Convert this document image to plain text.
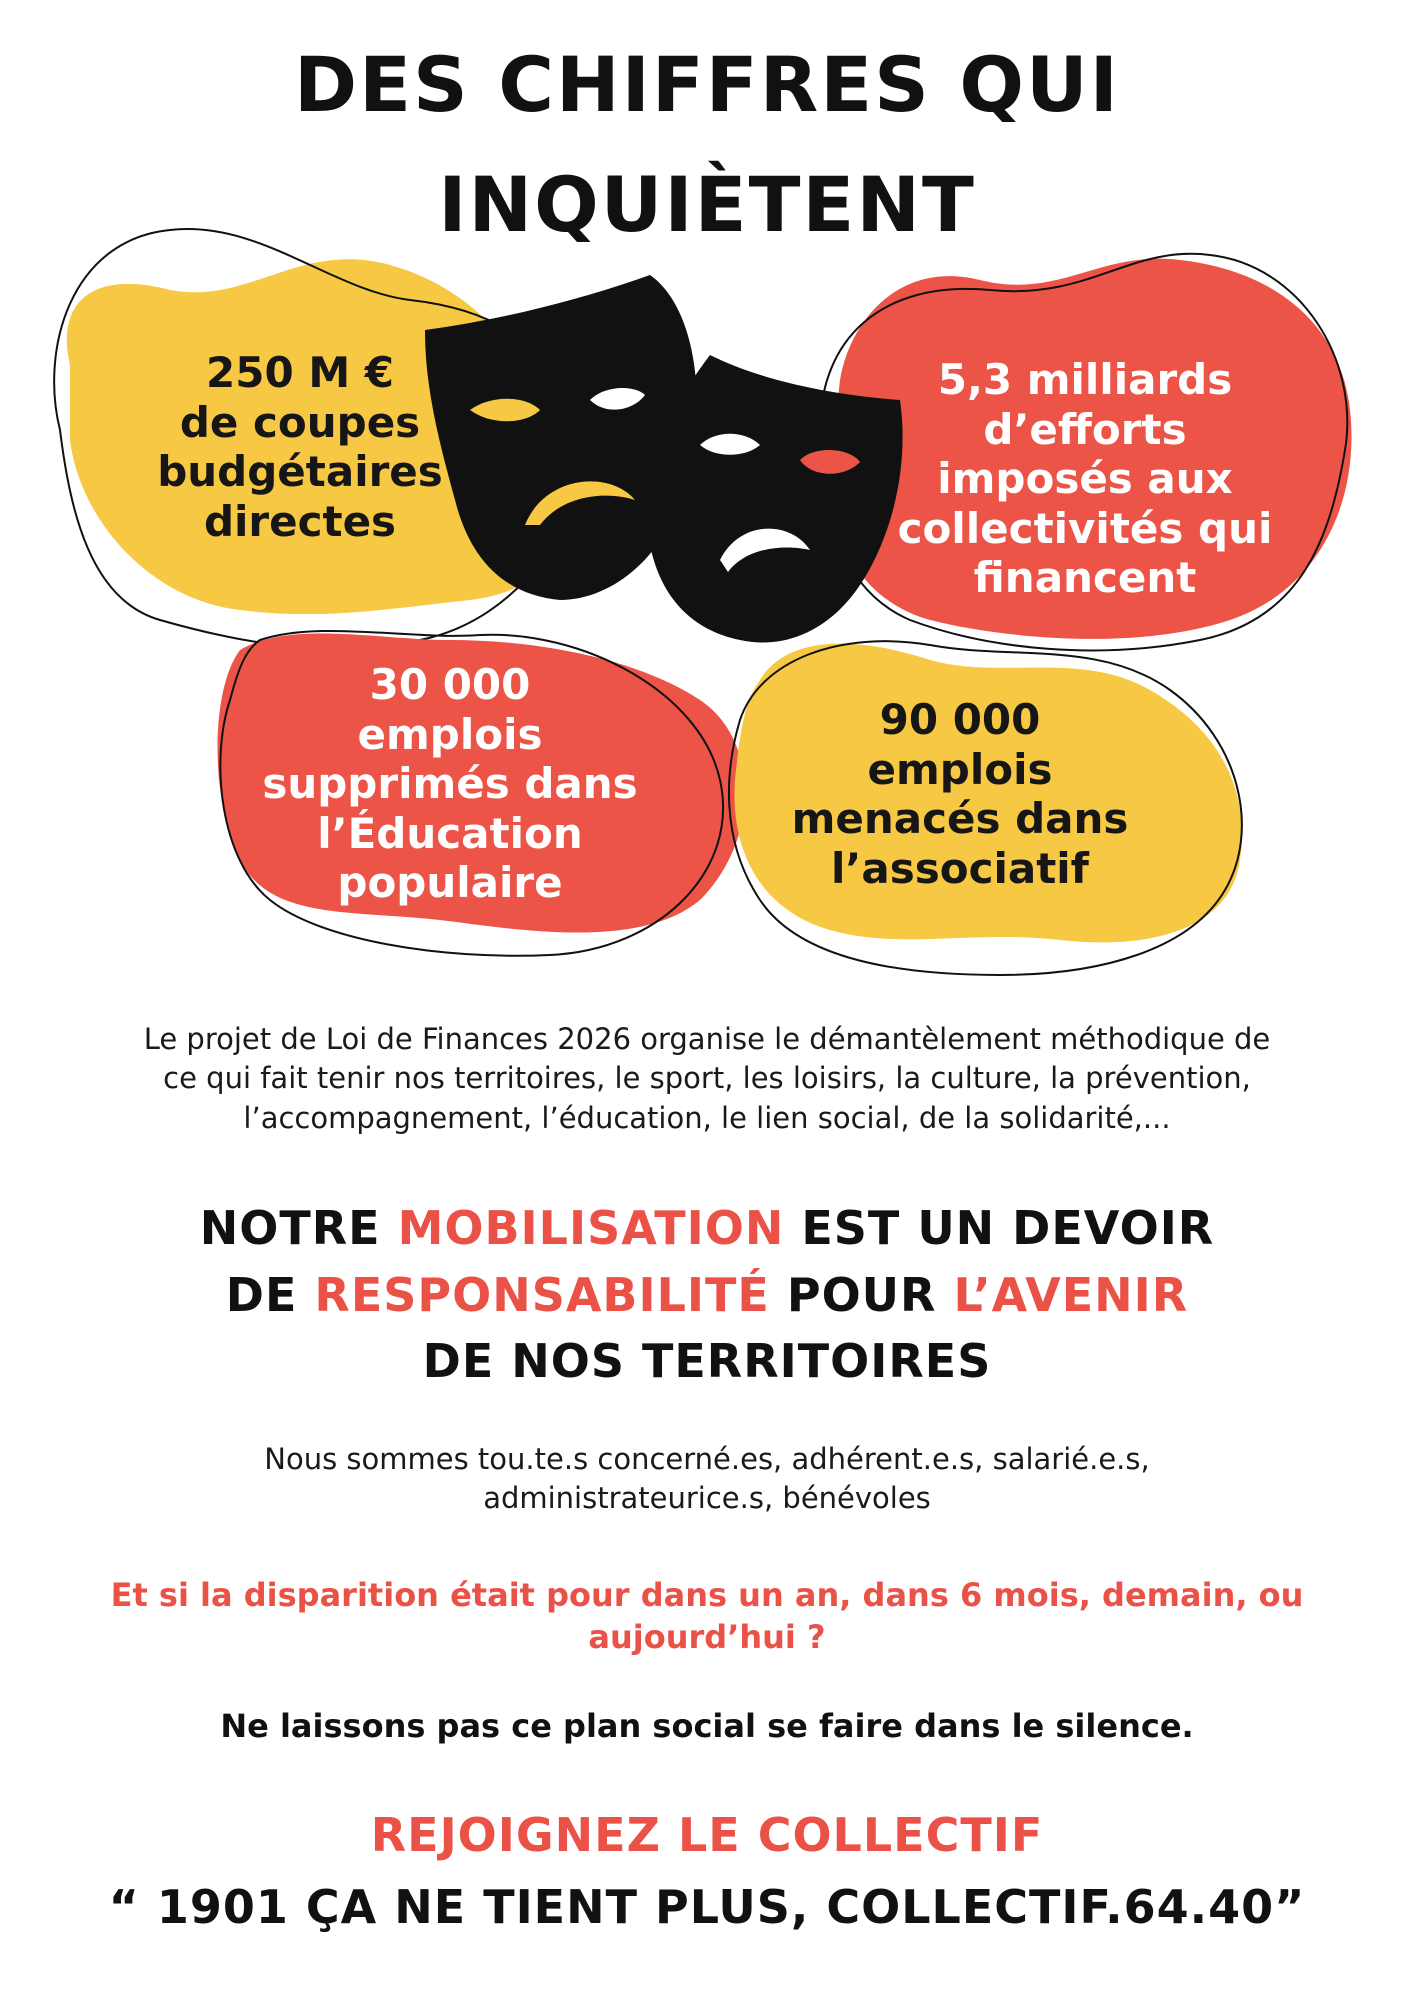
DES CHIFFRES QUI
INQUIÈTENT
250 M €
de coupes
budgétaires
directes
5,3 milliards
d’efforts
imposés aux
collectivités qui
financent
30 000
emplois
supprimés dans
l’Éducation
populaire
90 000
emplois
menacés dans
l’associatif
Le projet de Loi de Finances 2026 organise le démantèlement méthodique de
ce qui fait tenir nos territoires, le sport, les loisirs, la culture, la prévention,
l’accompagnement, l’éducation, le lien social, de la solidarité,...
NOTRE MOBILISATION EST UN DEVOIR
DE RESPONSABILITÉ POUR L’AVENIR
DE NOS TERRITOIRES
Nous sommes tou.te.s concerné.es, adhérent.e.s, salarié.e.s,
administrateurice.s, bénévoles
Et si la disparition était pour dans un an, dans 6 mois, demain, ou
aujourd’hui ?
Ne laissons pas ce plan social se faire dans le silence.
REJOIGNEZ LE COLLECTIF
“ 1901 ÇA NE TIENT PLUS, COLLECTIF.64.40”
